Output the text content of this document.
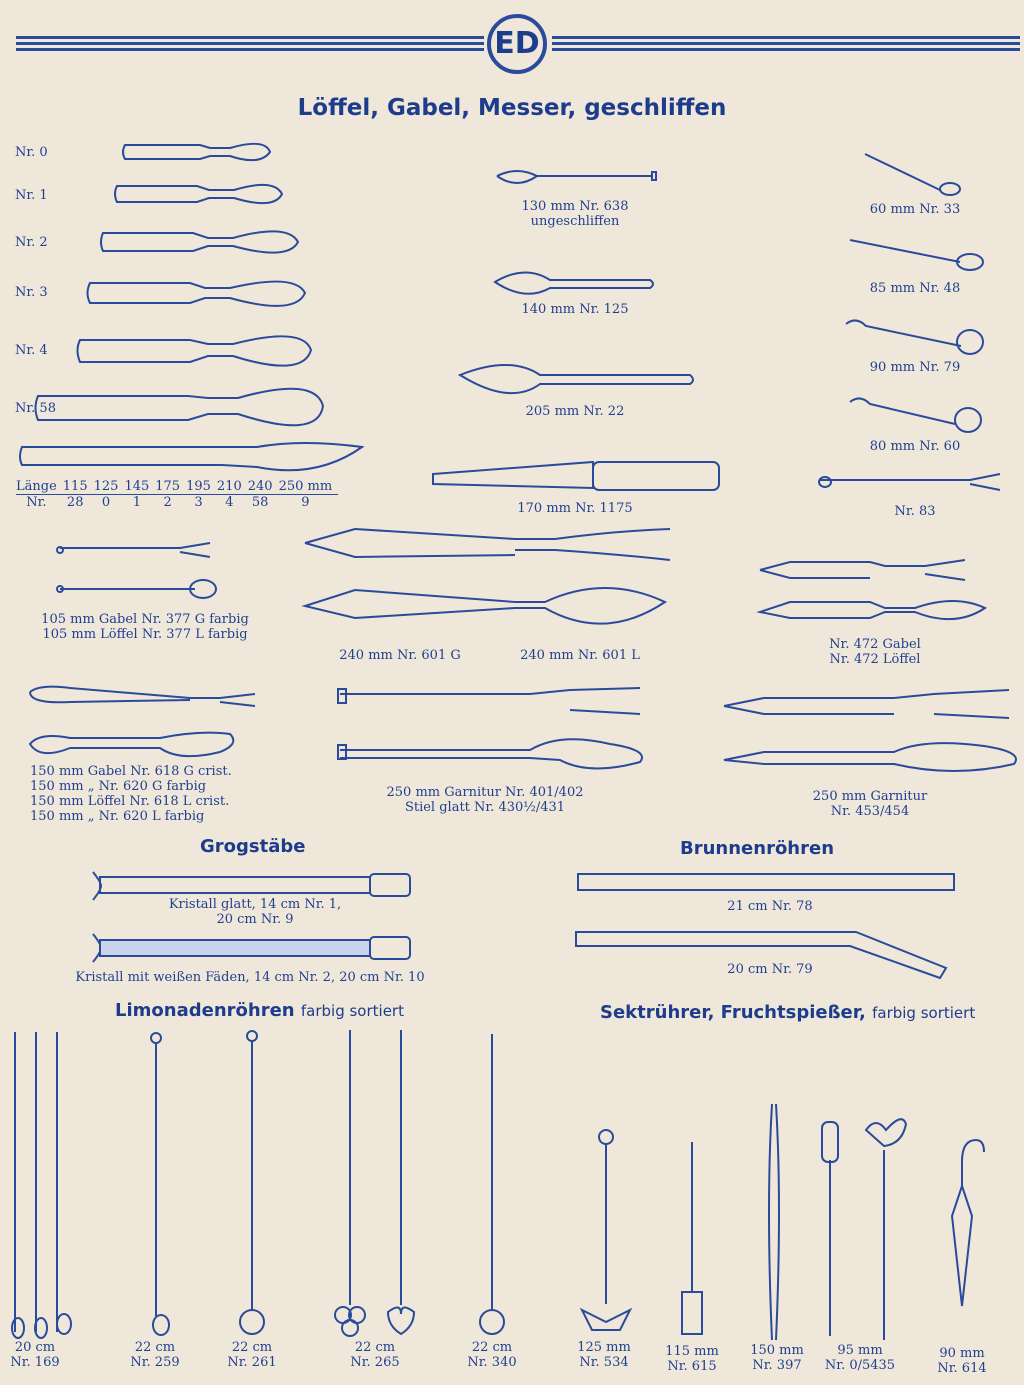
ED
Löffel, Gabel, Messer, geschliffen
Nr. 0
Nr. 1
Nr. 2
Nr. 3
Nr. 4
Nr. 58
Länge	115	125	145	175	195	210	240	250 mm
Nr.	28	0	1	2	3	4	58	9
130 mm Nr. 638
ungeschliffen
140 mm Nr. 125
205 mm Nr. 22
170 mm Nr. 1175
60 mm Nr. 33
85 mm Nr. 48
90 mm Nr. 79
80 mm Nr. 60
Nr. 83
105 mm Gabel Nr. 377 G farbig
105 mm Löffel Nr. 377 L farbig
240 mm Nr. 601 G	240 mm Nr. 601 L
Nr. 472 Gabel
Nr. 472 Löffel
150 mm Gabel Nr. 618 G crist.
150 mm „ Nr. 620 G farbig
150 mm Löffel Nr. 618 L crist.
150 mm „ Nr. 620 L farbig
250 mm Garnitur Nr. 401/402
Stiel glatt Nr. 430½/431
250 mm Garnitur
Nr. 453/454
Grogstäbe
Kristall glatt, 14 cm Nr. 1,
20 cm Nr. 9
Kristall mit weißen Fäden, 14 cm Nr. 2, 20 cm Nr. 10
Brunnenröhren
21 cm Nr. 78
20 cm Nr. 79
Limonadenröhren farbig sortiert
20 cm
Nr. 169
22 cm
Nr. 259
22 cm
Nr. 261
22 cm
Nr. 265
22 cm
Nr. 340
Sektrührer, Fruchtspießer, farbig sortiert
125 mm
Nr. 534
115 mm
Nr. 615
150 mm
Nr. 397
95 mm
Nr. 0/5435
90 mm
Nr. 614
